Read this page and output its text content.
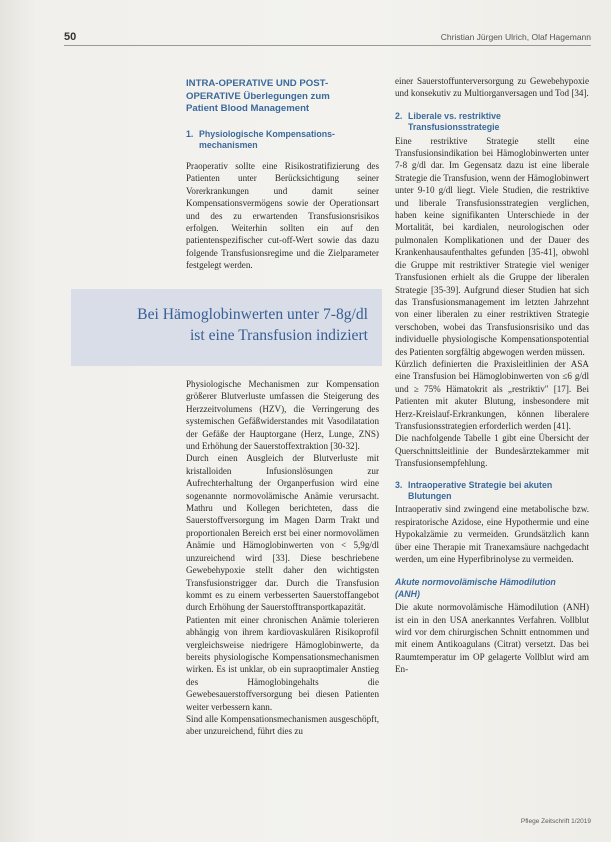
50	Christian Jürgen Ulrich, Olaf Hagemann
INTRA-OPERATIVE UND POST-
OPERATIVE Überlegungen zum
Patient Blood Management
1. Physiologische Kompensations-
mechanismen

Praoperativ sollte eine Risikostratifizierung des Patienten unter Berücksichtigung seiner Vorerkrankungen und damit seiner Kompensationsvermögens sowie der Operationsart und des zu erwartenden Transfusionsrisikos erfolgen. Weiterhin sollten ein auf den patientenspezifischer cut-off-Wert sowie das dazu folgende Transfusionsregime und die Zielparameter festgelegt werden.

Bei Hämoglobinwerten unter 7-8g/dl
ist eine Transfusion indiziert

Physiologische Mechanismen zur Kompensation größerer Blutverluste umfassen die Steigerung des Herzzeitvolumens (HZV), die Verringerung des systemischen Gefäßwiderstandes mit Vasodilatation der Gefäße der Hauptorgane (Herz, Lunge, ZNS) und Erhöhung der Sauerstoffextraktion [30-32].

Durch einen Ausgleich der Blutverluste mit kristalloiden Infusionslösungen zur Aufrechterhaltung der Organperfusion wird eine sogenannte normovolämische Anämie verursacht. Mathru und Kollegen berichteten, dass die Sauerstoffversorgung im Magen Darm Trakt und proportionalen Bereich erst bei einer normovolämen Anämie und Hämoglobinwerten von < 5,9g/dl unzureichend wird [33]. Diese beschriebene Gewebehypoxie stellt daher den wichtigsten Transfusionstrigger dar. Durch die Transfusion kommt es zu einem verbesserten Sauerstoffangebot durch Erhöhung der Sauerstofftransportkapazität.

Patienten mit einer chronischen Anämie tolerieren abhängig von ihrem kardiovaskulären Risikoprofil vergleichsweise niedrigere Hämoglobinwerte, da bereits physiologische Kompensationsmechanismen wirken. Es ist unklar, ob ein supraoptimaler Anstieg des Hämoglobingehalts die Gewebesauerstoffversorgung bei diesen Patienten weiter verbessern kann.

Sind alle Kompensationsmechanismen ausgeschöpft, aber unzureichend, führt dies zu

einer Sauerstoffunterversorgung zu Gewebehypoxie und konsekutiv zu Multiorganversagen und Tod [34].

2. Liberale vs. restriktive
Transfusionsstrategie

Eine restriktive Strategie stellt eine Transfusionsindikation bei Hämoglobinwerten unter 7-8 g/dl dar. Im Gegensatz dazu ist eine liberale Strategie die Transfusion, wenn der Hämoglobinwert unter 9-10 g/dl liegt. Viele Studien, die restriktive und liberale Transfusionsstrategien verglichen, haben keine signifikanten Unterschiede in der Mortalität, bei kardialen, neurologischen oder pulmonalen Komplikationen und der Dauer des Krankenhausaufenthaltes gefunden [35-41], obwohl die Gruppe mit restriktiver Strategie viel weniger Transfusionen erhielt als die Gruppe der liberalen Strategie [35-39]. Aufgrund dieser Studien hat sich das Transfusionsmanagement im letzten Jahrzehnt von einer liberalen zu einer restriktiven Strategie verschoben, wobei das Transfusionsrisiko und das individuelle physiologische Kompensationspotential des Patienten sorgfältig abgewogen werden müssen.

Kürzlich definierten die Praxisleitlinien der ASA eine Transfusion bei Hämoglobinwerten von ≤6 g/dl und ≥ 75% Hämatokrit als „restriktiv" [17]. Bei Patienten mit akuter Blutung, insbesondere mit Herz-Kreislauf-Erkrankungen, können liberalere Transfusionsstrategien erforderlich werden [41].

Die nachfolgende Tabelle 1 gibt eine Übersicht der Querschnittsleitlinie der Bundesärztekammer mit Transfusionsempfehlung.

3. Intraoperative Strategie bei akuten
Blutungen

Intraoperativ sind zwingend eine metabolische bzw. respiratorische Azidose, eine Hypothermie und eine Hypokalzämie zu vermeiden. Grundsätzlich kann über eine Therapie mit Tranexamsäure nachgedacht werden, um eine Hyperfibrinolyse zu vermeiden.

Akute normovolämische Hämodilution
(ANH)

Die akute normovolämische Hämodilution (ANH) ist ein in den USA anerkanntes Verfahren. Vollblut wird vor dem chirurgischen Schnitt entnommen und mit einem Antikoagulans (Citrat) versetzt. Das bei Raumtemperatur im OP gelagerte Vollblut wird am En-

Pflege Zeitschrift 1/2019
